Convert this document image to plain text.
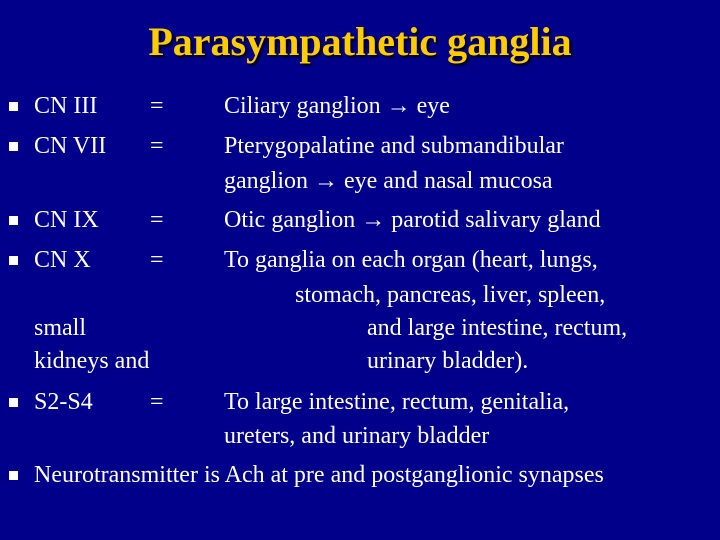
Parasympathetic ganglia
CN III =	Ciliary ganglion → eye
CN VII =	Pterygopalatine and submandibular
ganglion → eye and nasal mucosa
CN IX =	Otic ganglion → parotid salivary gland
CN X =	To ganglia on each organ (heart, lungs,
stomach, pancreas, liver, spleen,
small	and large intestine, rectum,
kidneys and	urinary bladder).
S2-S4 =	To large intestine, rectum, genitalia,
ureters, and urinary bladder
Neurotransmitter is Ach at pre and postganglionic synapses
